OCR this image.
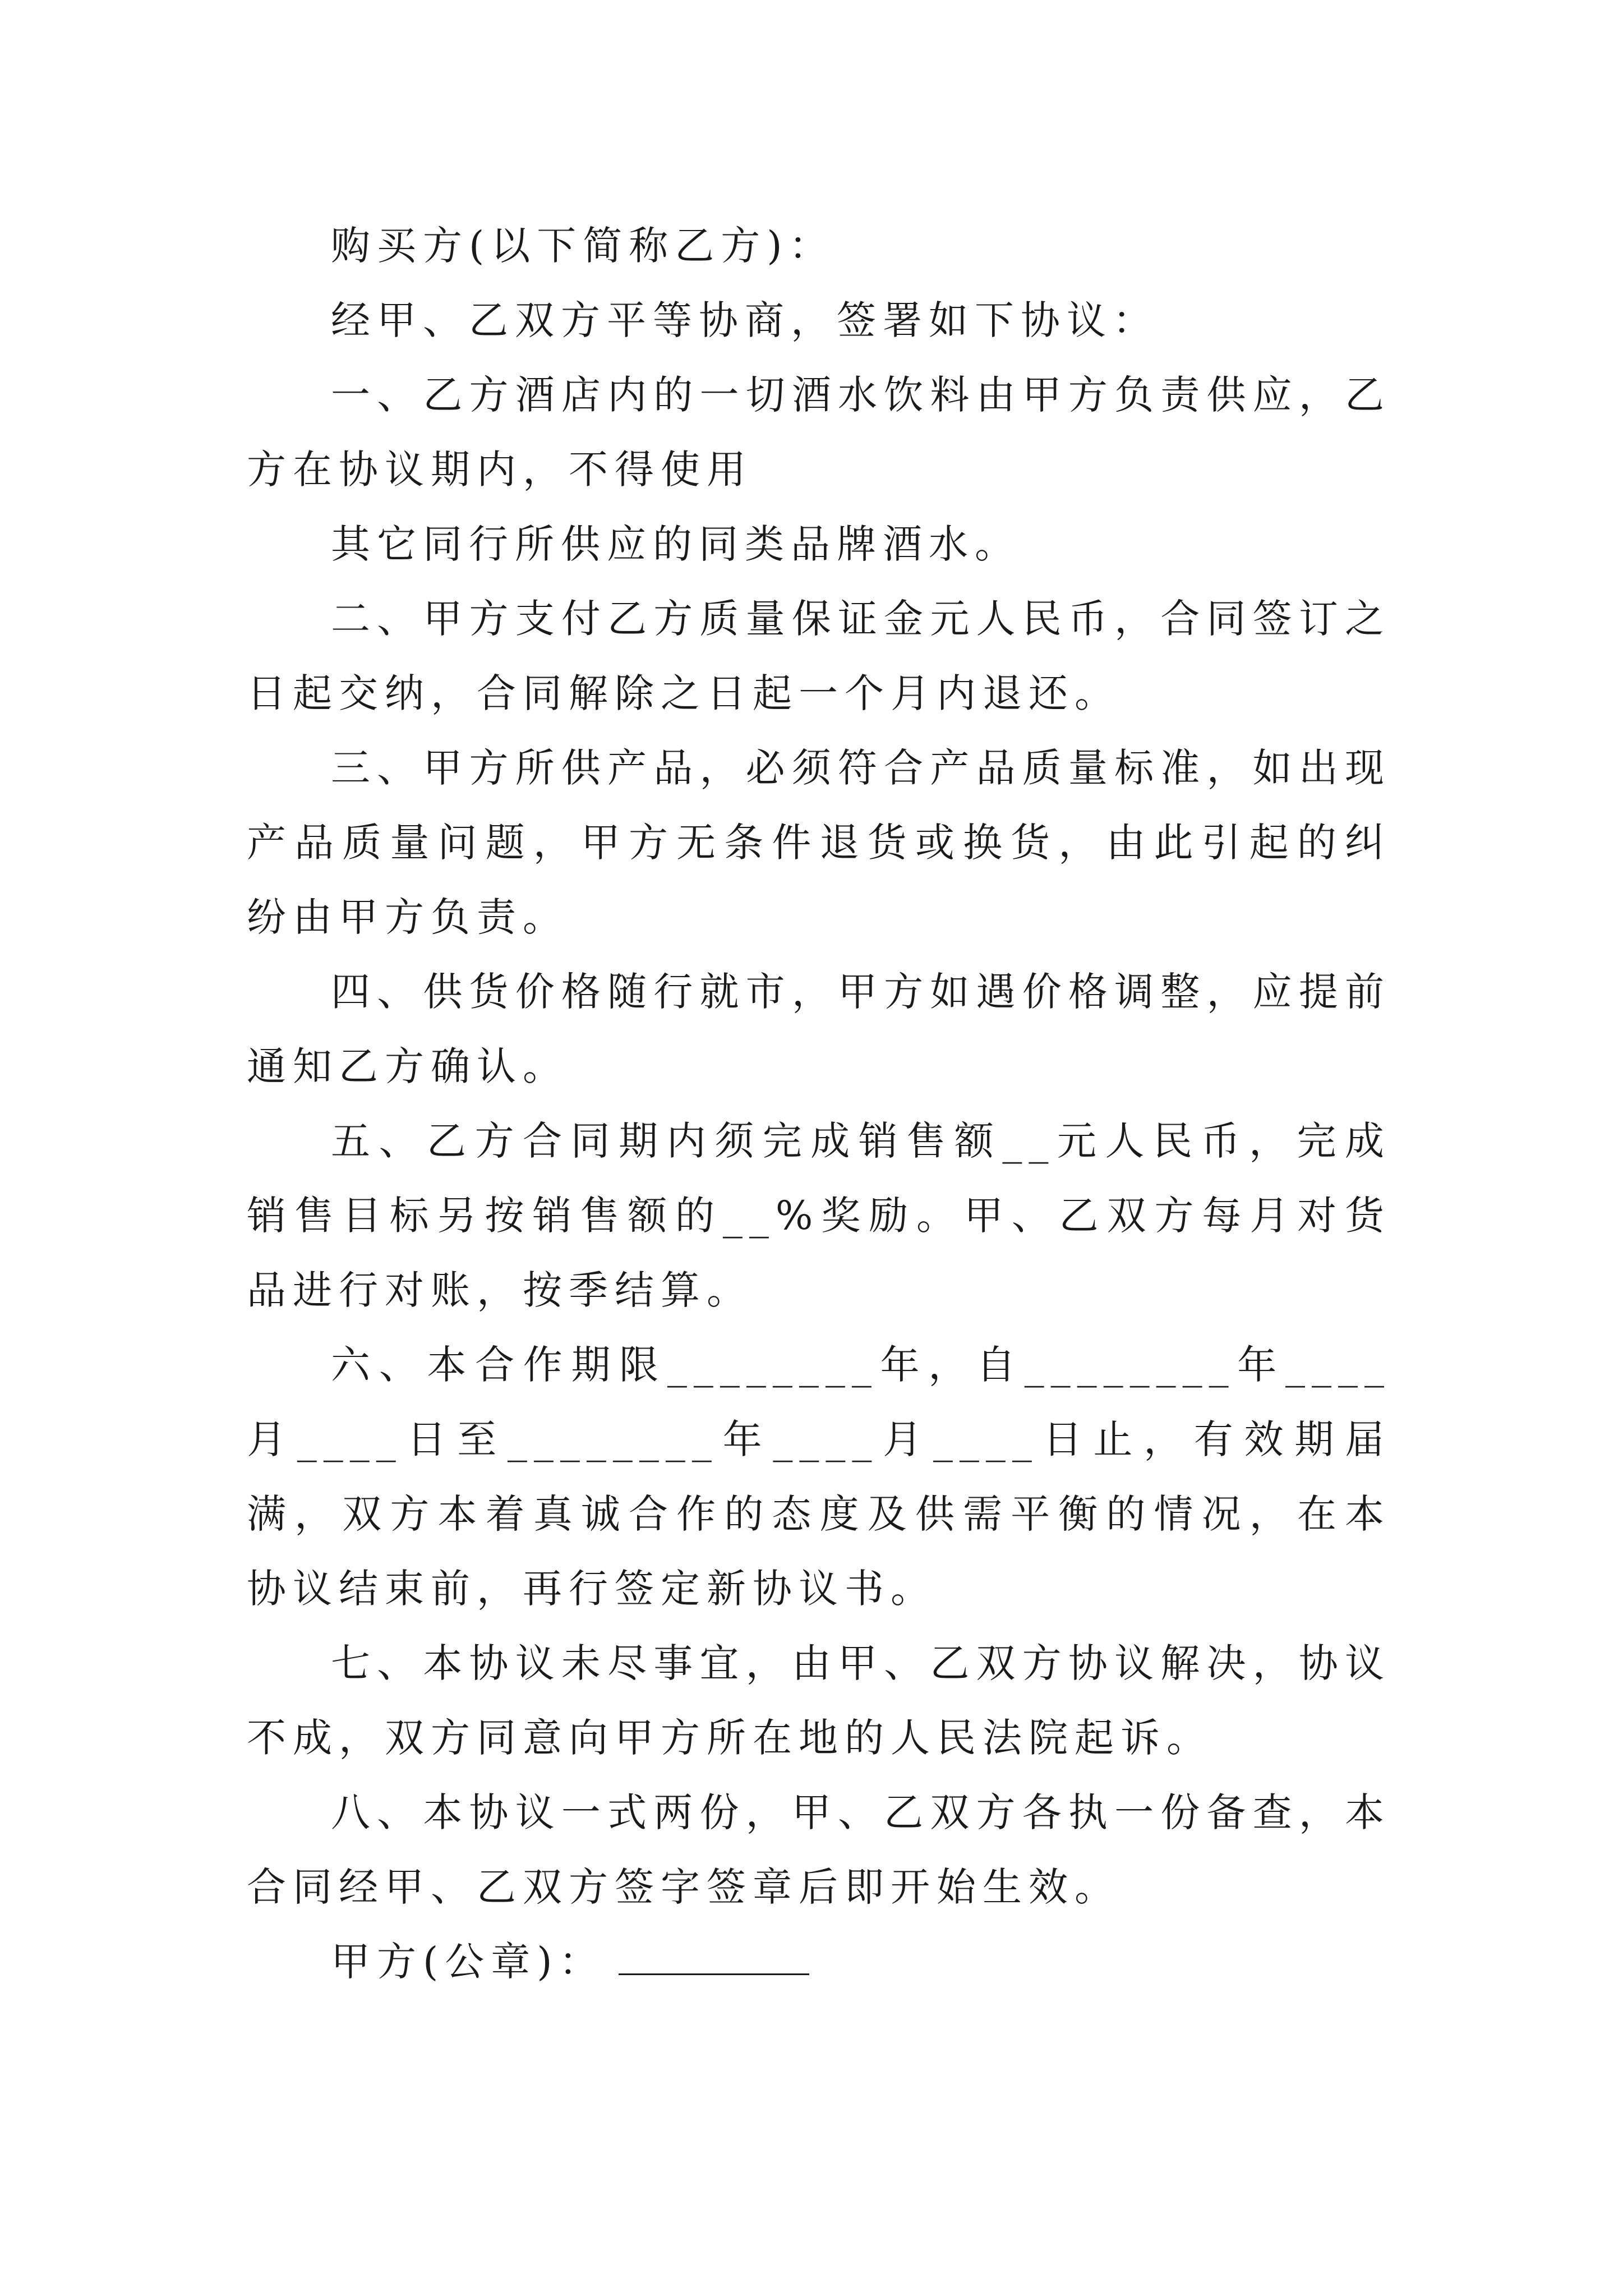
购买方(以下简称乙方)：

经甲、乙双方平等协商，签署如下协议：

一、乙方酒店内的一切酒水饮料由甲方负责供应，乙方在协议期内，不得使用

其它同行所供应的同类品牌酒水。

二、甲方支付乙方质量保证金元人民币，合同签订之日起交纳，合同解除之日起一个月内退还。

三、甲方所供产品，必须符合产品质量标准，如出现产品质量问题，甲方无条件退货或换货，由此引起的纠纷由甲方负责。

四、供货价格随行就市，甲方如遇价格调整，应提前通知乙方确认。

五、乙方合同期内须完成销售额__元人民币，完成销售目标另按销售额的__%奖励。甲、乙双方每月对货品进行对账，按季结算。

六、本合作期限________年，自________年____月____日至________年____月____日止，有效期届满，双方本着真诚合作的态度及供需平衡的情况，在本协议结束前，再行签定新协议书。

七、本协议未尽事宜，由甲、乙双方协议解决，协议不成，双方同意向甲方所在地的人民法院起诉。

八、本协议一式两份，甲、乙双方各执一份备查，本合同经甲、乙双方签字签章后即开始生效。

甲方(公章)：
